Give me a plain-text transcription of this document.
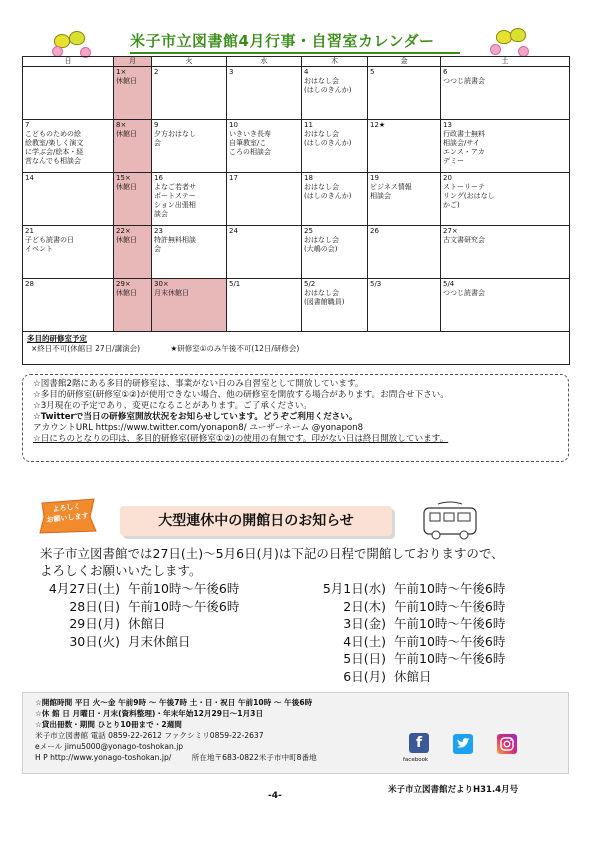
米子市立図書館4月行事・自習室カレンダー
日	月	火	水	木	金	土

	1×
休館日	2	3	4
おはなし会
(はしのきんか)	5	6
つつじ読書会

7
こどものための絵
絵教室/楽しく演文
に学ぶ会/絵本・経
営なんでも相談会	8×
休館日	9
夕方おはなし
会	10
いきいき長寿
自筆教室/こ
ころの相談会	11
おはなし会
(はしのきんか)	12★	13
行政書士無料
相談会/サイ
エンス・アカ
デミー

14	15×
休館日	16
よなご若者サ
ポートステー
ション出張相
談会	17	18
おはなし会
(はしのきんか)	19
ビジネス情報
相談会	20
ストーリーテ
リング(おはなし
かご)

21
子ども読書の日
イベント	22×
休館日	23
特許無料相談
会	24	25
おはなし会
(大嶋の会)	26	27×
古文書研究会

28	29×
休館日	30×
月末休館日	5/1	5/2
おはなし会
(図書館職員)	5/3	5/4
つつじ読書会

多目的研修室予定
×終日不可(休館日 27日/講演会) ★研修室①のみ午後不可(12日/研修会)						
☆図書館2階にある多目的研修室は、事業がない日のみ自習室として開放しています。
☆多目的研修室(研修室①②)が使用できない場合、他の研修室を開放する場合があります。お問合せ下さい。
☆3月現在の予定であり、変更になることがあります。ご了承ください。
☆Twitterで当日の研修室開放状況をお知らせしています。どうぞご利用ください。
アカウントURL https://www.twitter.com/yonapon8/ ユーザーネーム @yonapon8
☆日にちのとなりの印は、多目的研修室(研修室①②)の使用の有無です。印がない日は終日開放しています。
よろしく
お願いします	大型連休中の開館日のお知らせ
米子市立図書館では27日(土)～5月6日(月)は下記の日程で開館しておりますので、
よろしくお願いいたします。
4月27日(土) 午前10時～午後6時
28日(日) 午前10時～午後6時
29日(月) 休館日
30日(火) 月末休館日
5月1日(水) 午前10時～午後6時
2日(木) 午前10時～午後6時
3日(金) 午前10時～午後6時
4日(土) 午前10時～午後6時
5日(日) 午前10時～午後6時
6日(月) 休館日
☆開館時間 平日 火～金 午前9時 ～ 午後7時 土・日・祝日 午前10時 ～ 午後6時
☆休 館 日 月曜日・月末(資料整理)・年末年始12月29日～1月3日
☆貸出冊数・期間 ひとり10冊まで・2週間
米子市立図書館 電話 0859-22-2612 ファクシミリ0859-22-2637
eメール jimu5000@yonago-toshokan.jp
H P http://www.yonago-toshokan.jp/	所在地〒683-0822米子市中町8番地
f
facebook
-4-
米子市立図書館だよりH31.4月号
